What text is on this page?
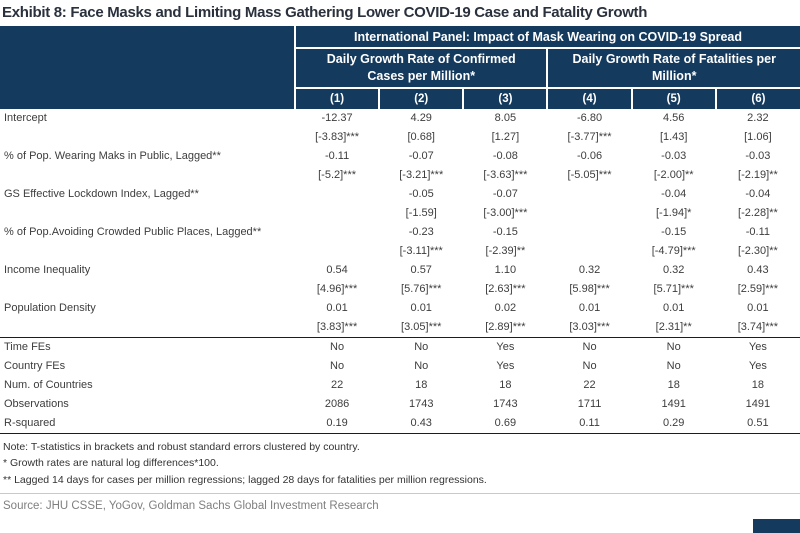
Exhibit 8: Face Masks and Limiting Mass Gathering Lower COVID-19 Case and Fatality Growth
	International Panel: Impact of Mask Wearing on COVID-19 Spread					
	Daily Growth Rate of Confirmed Cases per Million*			Daily Growth Rate of Fatalities per Million*		
	(1)	(2)	(3)	(4)	(5)	(6)
Intercept	-12.37	4.29	8.05	-6.80	4.56	2.32
	[-3.83]***	[0.68]	[1.27]	[-3.77]***	[1.43]	[1.06]
% of Pop. Wearing Maks in Public, Lagged**	-0.11	-0.07	-0.08	-0.06	-0.03	-0.03
	[-5.2]***	[-3.21]***	[-3.63]***	[-5.05]***	[-2.00]**	[-2.19]**
GS Effective Lockdown Index, Lagged**		-0.05	-0.07		-0.04	-0.04
		[-1.59]	[-3.00]***		[-1.94]*	[-2.28]**
% of Pop.Avoiding Crowded Public Places, Lagged**		-0.23	-0.15		-0.15	-0.11
		[-3.11]***	[-2.39]**		[-4.79]***	[-2.30]**
Income Inequality	0.54	0.57	1.10	0.32	0.32	0.43
	[4.96]***	[5.76]***	[2.63]***	[5.98]***	[5.71]***	[2.59]***
Population Density	0.01	0.01	0.02	0.01	0.01	0.01
	[3.83]***	[3.05]***	[2.89]***	[3.03]***	[2.31]**	[3.74]***
Time FEs	No	No	Yes	No	No	Yes
Country FEs	No	No	Yes	No	No	Yes
Num. of Countries	22	18	18	22	18	18
Observations	2086	1743	1743	1711	1491	1491
R-squared	0.19	0.43	0.69	0.11	0.29	0.51
Note: T-statistics in brackets and robust standard errors clustered by country.
* Growth rates are natural log differences*100.
** Lagged 14 days for cases per million regressions; lagged 28 days for fatalities per million regressions.
Source: JHU CSSE, YoGov, Goldman Sachs Global Investment Research
